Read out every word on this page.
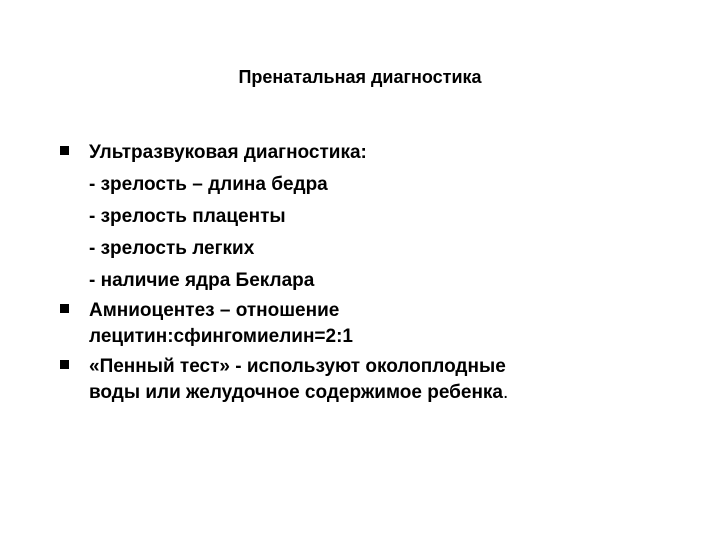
Пренатальная диагностика
Ультразвуковая диагностика:
- зрелость – длина бедра
- зрелость плаценты
- зрелость легких
- наличие ядра Беклара
Амниоцентез – отношение
лецитин:сфингомиелин=2:1
«Пенный тест» - используют околоплодные
воды или желудочное содержимое ребенка.
